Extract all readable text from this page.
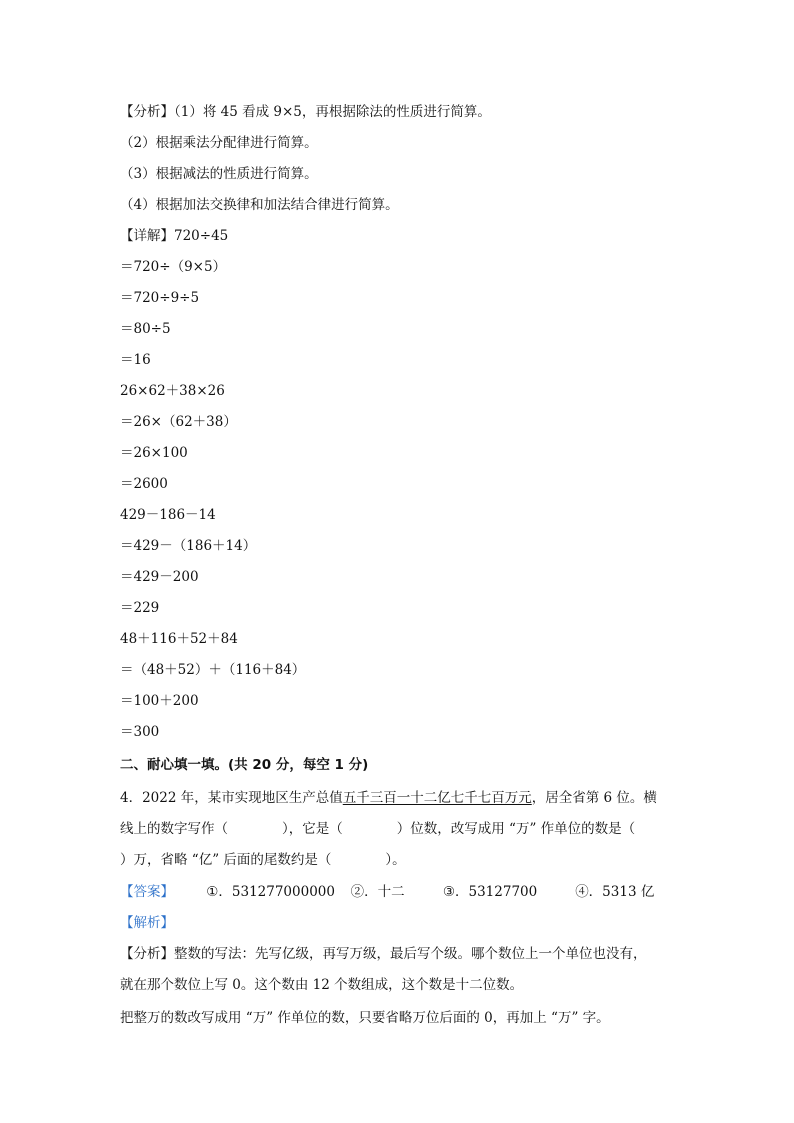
【分析】（1）将 45 看成 9×5，再根据除法的性质进行简算。
（2）根据乘法分配律进行简算。
（3）根据减法的性质进行简算。
（4）根据加法交换律和加法结合律进行简算。
【详解】720÷45
＝720÷（9×5）
＝720÷9÷5
＝80÷5
＝16
26×62＋38×26
＝26×（62＋38）
＝26×100
＝2600
429－186－14
＝429－（186＋14）
＝429－200
＝229
48＋116＋52＋84
＝（48＋52）＋（116＋84）
＝100＋200
＝300
二、耐心填一填。(共 20 分，每空 1 分)
4．2022 年，某市实现地区生产总值五千三百一十二亿七千七百万元，居全省第 6 位。横
线上的数字写作（　　　　），它是（　　　　）位数，改写成用 “万” 作单位的数是（
）万，省略 “亿” 后面的尾数约是（　　　　）。
【答案】 ①．531277000000 ②．十二	③．53127700	④．5313 亿
【解析】
【分析】整数的写法：先写亿级，再写万级，最后写个级。哪个数位上一个单位也没有，
就在那个数位上写 0。这个数由 12 个数组成，这个数是十二位数。
把整万的数改写成用 “万” 作单位的数，只要省略万位后面的 0，再加上 “万” 字。
